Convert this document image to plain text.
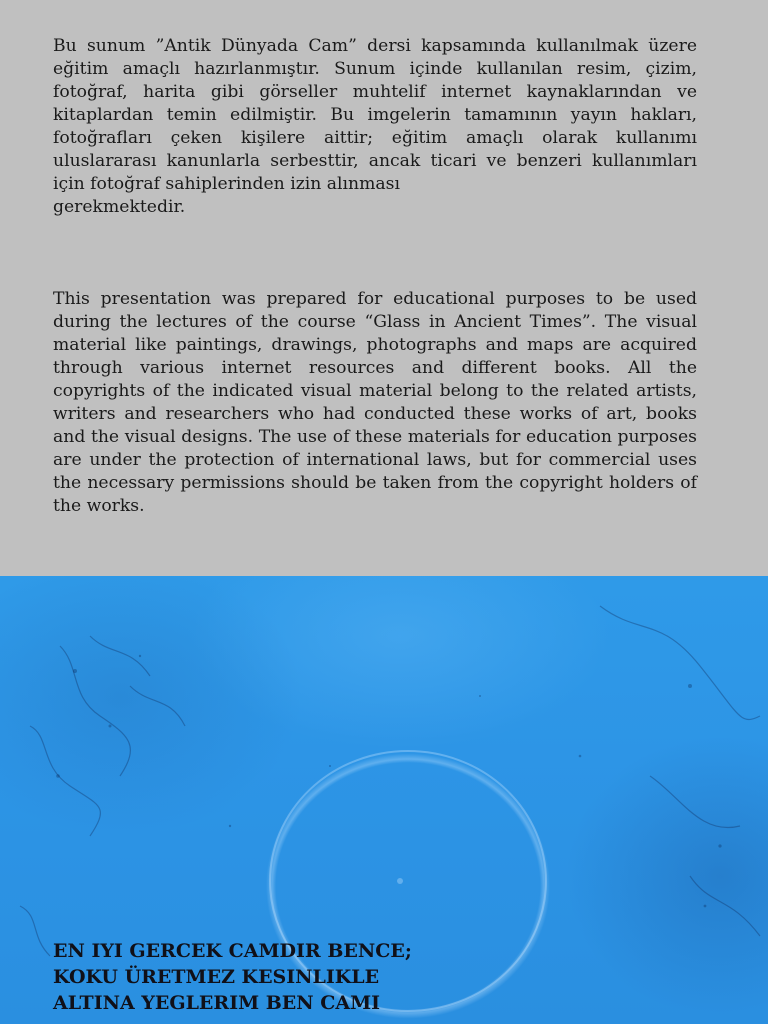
Bu sunum ”Antik Dünyada Cam” dersi kapsamında kullanılmak üzere eğitim amaçlı hazırlanmıştır. Sunum içinde kullanılan resim, çizim, fotoğraf, harita gibi görseller muhtelif internet kaynaklarından ve kitaplardan temin edilmiştir. Bu imgelerin tamamının yayın hakları, fotoğrafları çeken kişilere aittir; eğitim amaçlı olarak kullanımı uluslararası kanunlarla serbesttir, ancak ticari ve benzeri kullanımları için fotoğraf sahiplerinden izin alınması
gerekmektedir.

This presentation was prepared for educational purposes to be used during the lectures of the course “Glass in Ancient Times”. The visual material like paintings, drawings, photographs and maps are acquired through various internet resources and different books. All the copyrights of the indicated visual material belong to the related artists, writers and researchers who had conducted these works of art, books and the visual designs. The use of these materials for education purposes are under the protection of international laws, but for commercial uses the necessary permissions should be taken from the copyright holders of the works.

EN IYI GERCEK CAMDIR BENCE;
KOKU ÜRETMEZ KESINLIKLE
ALTINA YEGLERIM BEN CAMI
